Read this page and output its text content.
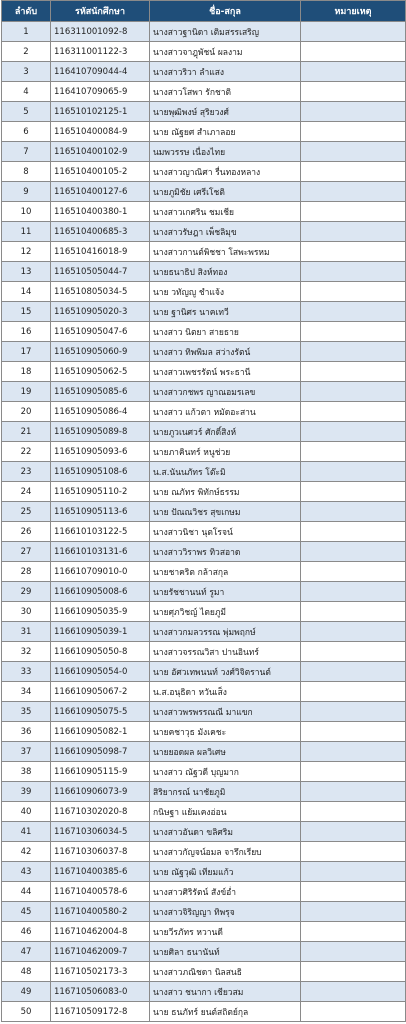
ลำดับ	รหัสนักศึกษา	ชื่อ-สกุล	หมายเหตุ
1	116311001092-8	นางสาวฐานิดา เติมสรรเสริญ	
2	116311001122-3	นางสาวจาฎุพัชน์ ผลงาม	
3	116410709044-4	นางสาวริวา ลำแสง	
4	116410709065-9	นางสาวโสพา รักชาติ	
5	116510102125-1	นายพุฒิพงษ์ สุริยวงศ์	
6	116510400084-9	นาย ณัฐยศ สำเภาลอย	
7	116510400102-9	นมพวรรษ เนื่องไทย	
8	116510400105-2	นางสาวญาณิศา รื่นทองหลาง	
9	116510400127-6	นายภูมิชัย เศรีเโชติ	
10	116510400380-1	นางสาวเกศริน ชมเชีย	
11	116510400685-3	นางสาวรัษฎา เพ็ชลิมุข	
12	116510416018-9	นางสาวกานต์พิชชา โสพะพรหม	
13	116510505044-7	นายธนาธิป สิงห์ทอง	
14	116510805034-5	นาย วทัญญู ชำแจ้ง	
15	116510905020-3	นาย ฐานิศร นาคเทวี	
16	116510905047-6	นางสาว นิตยา สายธาย	
17	116510905060-9	นางสาว ทิพพิมล สว่างรัตน์	
18	116510905062-5	นางสาวเพชรรัตน์ พระธานี	
19	116510905085-6	นางสาวกชพร ญาณอมรเลข	
20	116510905086-4	นางสาว แก้วตา หมัดอะสาน	
21	116510905089-8	นายภูวเนศวร์ ศักดิ์สิงห์	
22	116510905093-6	นายภาคินทร์ หนูช่วย	
23	116510905108-6	น.ส.นันนภัทร โต๊ะมิ	
24	116510905110-2	นาย ณภัทร พิทักษ์ธรรม	
25	116510905113-6	นาย ปัณณวิชร สุขเกษม	
26	116610103122-5	นางสาวนิชา นุตโรจน์	
27	116610103131-6	นางสาววิราพร ทิวสอาด	
28	116610709010-0	นายชาคริต กล้าสกุล	
29	116610905008-6	นายรัชชานนท์ รูมา	
30	116610905035-9	นายศุภวิชญ์ ไตยภูมี	
31	116610905039-1	นางสาวกมลวรรณ พุ่มพฤกษ์	
32	116610905050-8	นางสาวจรรณวิสา ปานอินทร์	
33	116610905054-0	นาย อัศวเทพนนท์ วงศ์วิจิตรานต์	
34	116610905067-2	น.ส.อนุธิดา หวันเส็ง	
35	116610905075-5	นางสาวพรพรรณณี มาแขก	
36	116610905082-1	นายคชาวุธ มังเคชะ	
37	116610905098-7	นายยอดผล ผลวิเศษ	
38	116610905115-9	นางสาว ณัฐวดี บุญมาก	
39	116610906073-9	สิริยากรณ์ นาชัยภูมิ	
40	116710302020-8	กนิษฐา แย้มเคงอ่อน	
41	116710306034-5	นางสาวอันดา ขลิศริม	
42	116710306037-8	นางสาวกัญจน์อมล จารึกเรียบ	
43	116710400385-6	นาย ณัฐวุฒิ เทียมแก้ว	
44	116710400578-6	นางสาวศิริรัตน์ สังข์อ่ำ	
45	116710400580-2	นางสาวจิริญญา ทิพรุจ	
46	116710462004-8	นายวีรภัทร หวานดี	
47	116710462009-7	นายศิลา ธนานันท์	
48	116710502173-3	นางสาวภณิชดา นิลสนธิ	
49	116710506083-0	นางสาว ชนากา เชียวสม	
50	116710509172-8	นาย ธนภัทร์ ยนต์สถิตย์กุล	
